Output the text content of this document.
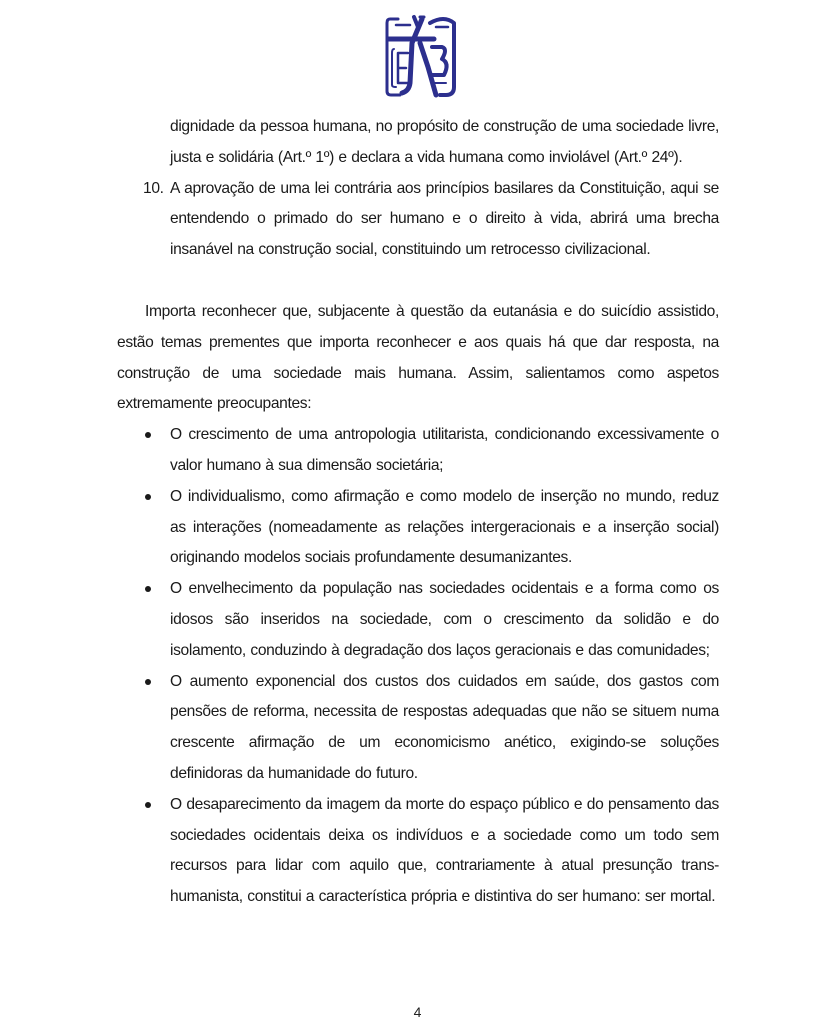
dignidade da pessoa humana, no propósito de construção de uma sociedade livre, justa e solidária (Art.º 1º) e declara a vida humana como inviolável (Art.º 24º).
10. A aprovação de uma lei contrária aos princípios basilares da Constituição, aqui se entendendo o primado do ser humano e o direito à vida, abrirá uma brecha insanável na construção social, constituindo um retrocesso civilizacional.
Importa reconhecer que, subjacente à questão da eutanásia e do suicídio assistido, estão temas prementes que importa reconhecer e aos quais há que dar resposta, na construção de uma sociedade mais humana. Assim, salientamos como aspetos extremamente preocupantes:
O crescimento de uma antropologia utilitarista, condicionando excessivamente o valor humano à sua dimensão societária;
O individualismo, como afirmação e como modelo de inserção no mundo, reduz as interações (nomeadamente as relações intergeracionais e a inserção social) originando modelos sociais profundamente desumanizantes.
O envelhecimento da população nas sociedades ocidentais e a forma como os idosos são inseridos na sociedade, com o crescimento da solidão e do isolamento, conduzindo à degradação dos laços geracionais e das comunidades;
O aumento exponencial dos custos dos cuidados em saúde, dos gastos com pensões de reforma, necessita de respostas adequadas que não se situem numa crescente afirmação de um economicismo anético, exigindo-se soluções definidoras da humanidade do futuro.
O desaparecimento da imagem da morte do espaço público e do pensamento das sociedades ocidentais deixa os indivíduos e a sociedade como um todo sem recursos para lidar com aquilo que, contrariamente à atual presunção trans-humanista, constitui a característica própria e distintiva do ser humano: ser mortal.
4
